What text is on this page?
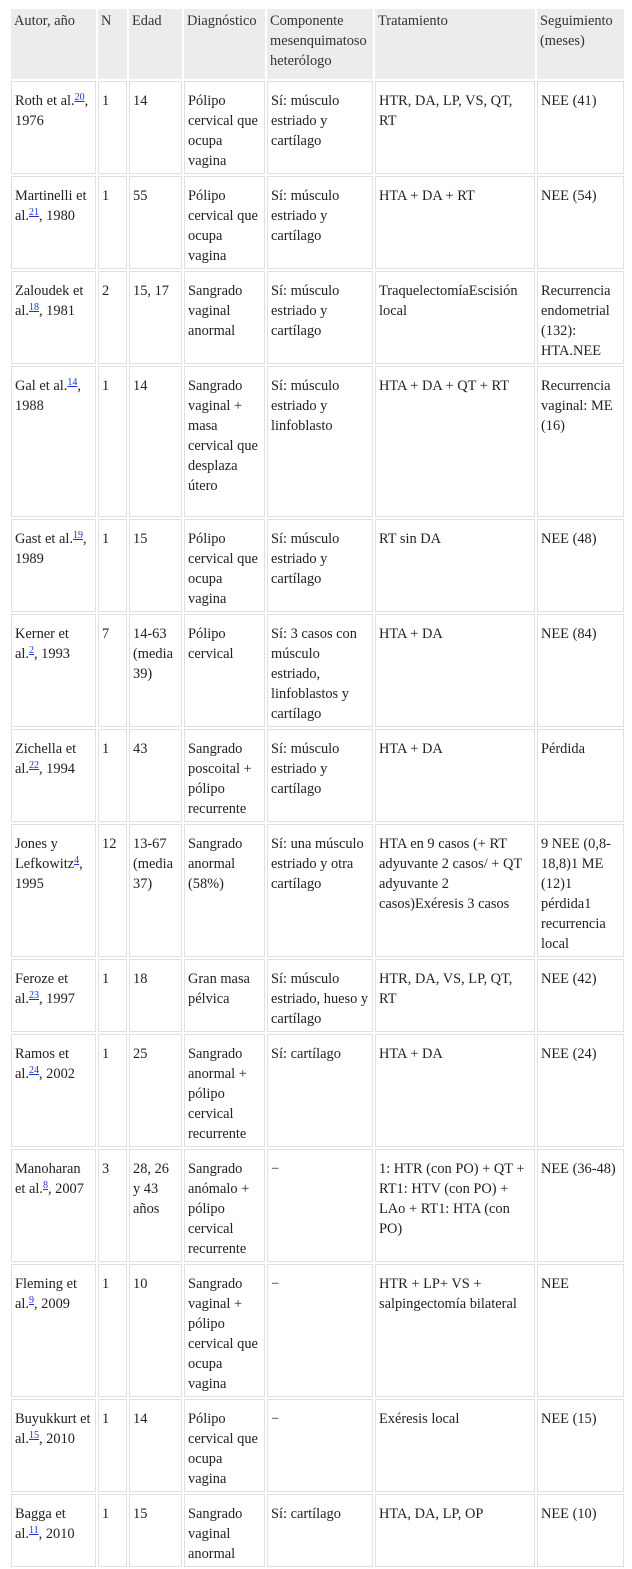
Autor, año	N	Edad	Diagnóstico	Componente mesenquimatoso heterólogo	Tratamiento	Seguimiento (meses)
Roth et al.$^{20}$, 1976	1	14	Pólipo cervical que ocupa vagina	Sí: músculo estriado y cartílago	HTR, DA, LP, VS, QT, RT	NEE (41)
Martinelli et al.$^{21}$, 1980	1	55	Pólipo cervical que ocupa vagina	Sí: músculo estriado y cartílago	HTA + DA + RT	NEE (54)
Zaloudek et al.$^{18}$, 1981	2	15, 17	Sangrado vaginal anormal	Sí: músculo estriado y cartílago	TraquelectomíaEscisión local	Recurrencia endometrial (132): HTA.NEE
Gal et al.$^{14}$, 1988	1	14	Sangrado vaginal + masa cervical que desplaza útero	Sí: músculo estriado y linfoblasto	HTA + DA + QT + RT	Recurrencia vaginal: ME (16)
Gast et al.$^{19}$, 1989	1	15	Pólipo cervical que ocupa vagina	Sí: músculo estriado y cartílago	RT sin DA	NEE (48)
Kerner et al.$^2$, 1993	7	14-63 (media 39)	Pólipo cervical	Sí: 3 casos con músculo estriado, linfoblastos y cartílago	HTA + DA	NEE (84)
Zichella et al.$^{22}$, 1994	1	43	Sangrado poscoital + pólipo recurrente	Sí: músculo estriado y cartílago	HTA + DA	Pérdida
Jones y Lefkowitz$^4$, 1995	12	13-67 (media 37)	Sangrado anormal (58%)	Sí: una músculo estriado y otra cartílago	HTA en 9 casos (+ RT adyuvante 2 casos/ + QT adyuvante 2 casos)Exéresis 3 casos	9 NEE (0,8-18,8)1 ME (12)1 pérdida1 recurrencia local
Feroze et al.$^{23}$, 1997	1	18	Gran masa pélvica	Sí: músculo estriado, hueso y cartílago	HTR, DA, VS, LP, QT, RT	NEE (42)
Ramos et al.$^{24}$, 2002	1	25	Sangrado anormal + pólipo cervical recurrente	Sí: cartílago	HTA + DA	NEE (24)
Manoharan et al.$^8$, 2007	3	28, 26 y 43 años	Sangrado anómalo + pólipo cervical recurrente	−	1: HTR (con PO) + QT + RT1: HTV (con PO) + LAo + RT1: HTA (con PO)	NEE (36-48)
Fleming et al.$^9$, 2009	1	10	Sangrado vaginal + pólipo cervical que ocupa vagina	−	HTR + LP+ VS + salpingectomía bilateral	NEE
Buyukkurt et al.$^{15}$, 2010	1	14	Pólipo cervical que ocupa vagina	−	Exéresis local	NEE (15)
Bagga et al.$^{11}$, 2010	1	15	Sangrado vaginal anormal	Sí: cartílago	HTA, DA, LP, OP	NEE (10)
